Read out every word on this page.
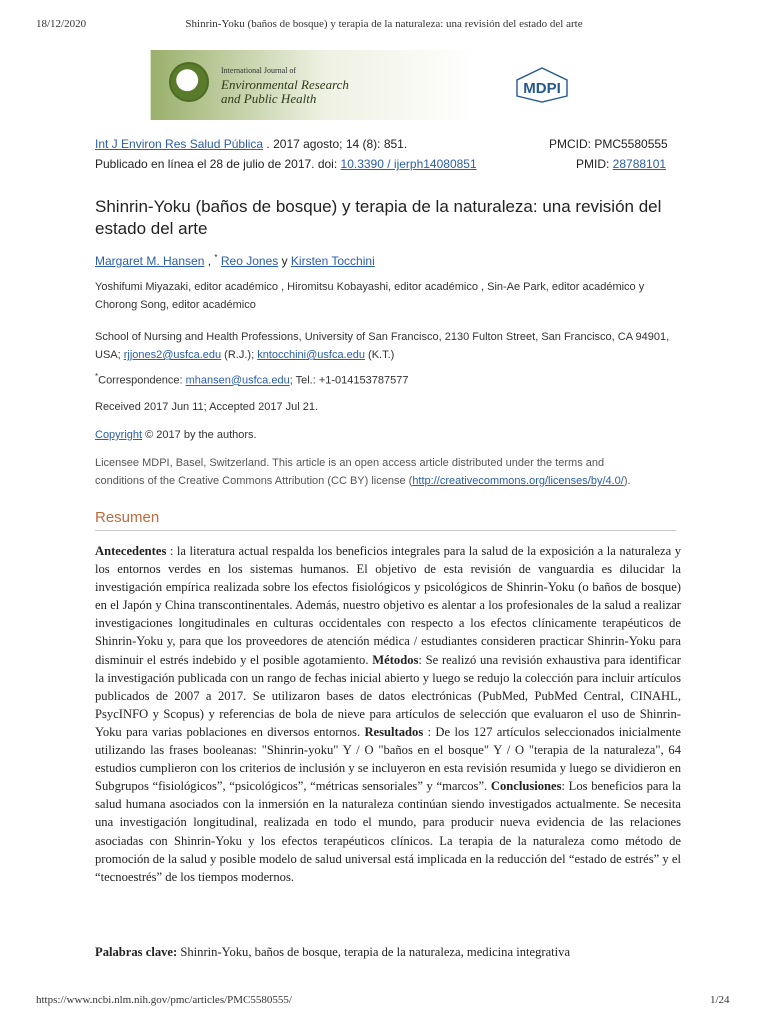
18/12/2020	Shinrin-Yoku (baños de bosque) y terapia de la naturaleza: una revisión del estado del arte
International Journal of
Environmental Research
and Public Health
MDPI
Int J Environ Res Salud Pública . 2017 agosto; 14 (8): 851.	PMCID: PMC5580555
Publicado en línea el 28 de julio de 2017. doi: 10.3390 / ijerph14080851	PMID: 28788101
Shinrin-Yoku (baños de bosque) y terapia de la naturaleza: una revisión del estado del arte
Margaret M. Hansen , * Reo Jones y Kirsten Tocchini
Yoshifumi Miyazaki, editor académico , Hiromitsu Kobayashi, editor académico , Sin-Ae Park, editor académico y Chorong Song, editor académico
School of Nursing and Health Professions, University of San Francisco, 2130 Fulton Street, San Francisco, CA 94901, USA; rjjones2@usfca.edu (R.J.); kntocchini@usfca.edu (K.T.)
*Correspondence: mhansen@usfca.edu; Tel.: +1-014153787577
Received 2017 Jun 11; Accepted 2017 Jul 21.
Copyright © 2017 by the authors.
Licensee MDPI, Basel, Switzerland. This article is an open access article distributed under the terms and conditions of the Creative Commons Attribution (CC BY) license (http://creativecommons.org/licenses/by/4.0/).
Resumen
Antecedentes : la literatura actual respalda los beneficios integrales para la salud de la exposición a la naturaleza y los entornos verdes en los sistemas humanos. El objetivo de esta revisión de vanguardia es dilucidar la investigación empírica realizada sobre los efectos fisiológicos y psicológicos de Shinrin-Yoku (o baños de bosque) en el Japón y China transcontinentales. Además, nuestro objetivo es alentar a los profesionales de la salud a realizar investigaciones longitudinales en culturas occidentales con respecto a los efectos clínicamente terapéuticos de Shinrin-Yoku y, para que los proveedores de atención médica / estudiantes consideren practicar Shinrin-Yoku para disminuir el estrés indebido y el posible agotamiento. Métodos: Se realizó una revisión exhaustiva para identificar la investigación publicada con un rango de fechas inicial abierto y luego se redujo la colección para incluir artículos publicados de 2007 a 2017. Se utilizaron bases de datos electrónicas (PubMed, PubMed Central, CINAHL, PsycINFO y Scopus) y referencias de bola de nieve para artículos de selección que evaluaron el uso de Shinrin-Yoku para varias poblaciones en diversos entornos. Resultados : De los 127 artículos seleccionados inicialmente utilizando las frases booleanas: "Shinrin-yoku" Y / O "baños en el bosque" Y / O "terapia de la naturaleza", 64 estudios cumplieron con los criterios de inclusión y se incluyeron en esta revisión resumida y luego se dividieron en Subgrupos “fisiológicos”, “psicológicos”, “métricas sensoriales” y “marcos”. Conclusiones: Los beneficios para la salud humana asociados con la inmersión en la naturaleza continúan siendo investigados actualmente. Se necesita una investigación longitudinal, realizada en todo el mundo, para producir nueva evidencia de las relaciones asociadas con Shinrin-Yoku y los efectos terapéuticos clínicos. La terapia de la naturaleza como método de promoción de la salud y posible modelo de salud universal está implicada en la reducción del “estado de estrés” y el “tecnoestrés” de los tiempos modernos.
Palabras clave: Shinrin-Yoku, baños de bosque, terapia de la naturaleza, medicina integrativa
https://www.ncbi.nlm.nih.gov/pmc/articles/PMC5580555/	1/24
